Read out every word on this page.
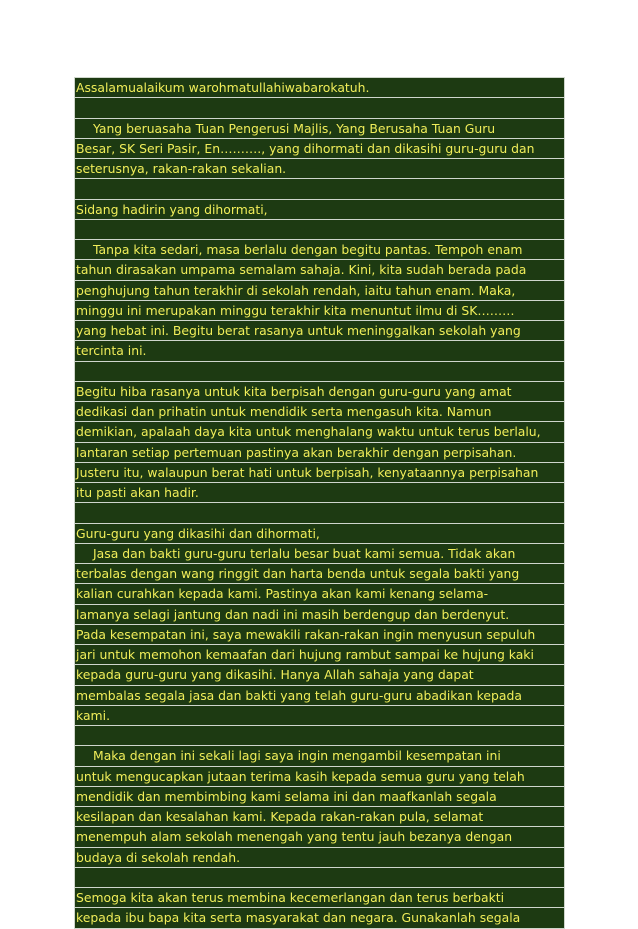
Assalamualaikum warohmatullahiwabarokatuh.
Yang beruasaha Tuan Pengerusi Majlis, Yang Berusaha Tuan Guru
Besar, SK Seri Pasir, En………., yang dihormati dan dikasihi guru-guru dan
seterusnya, rakan-rakan sekalian.
Sidang hadirin yang dihormati,
Tanpa kita sedari, masa berlalu dengan begitu pantas. Tempoh enam
tahun dirasakan umpama semalam sahaja. Kini, kita sudah berada pada
penghujung tahun terakhir di sekolah rendah, iaitu tahun enam. Maka,
minggu ini merupakan minggu terakhir kita menuntut ilmu di SK………
yang hebat ini. Begitu berat rasanya untuk meninggalkan sekolah yang
tercinta ini.
Begitu hiba rasanya untuk kita berpisah dengan guru-guru yang amat
dedikasi dan prihatin untuk mendidik serta mengasuh kita. Namun
demikian, apalaah daya kita untuk menghalang waktu untuk terus berlalu,
lantaran setiap pertemuan pastinya akan berakhir dengan perpisahan.
Justeru itu, walaupun berat hati untuk berpisah, kenyataannya perpisahan
itu pasti akan hadir.
Guru-guru yang dikasihi dan dihormati,
Jasa dan bakti guru-guru terlalu besar buat kami semua. Tidak akan
terbalas dengan wang ringgit dan harta benda untuk segala bakti yang
kalian curahkan kepada kami. Pastinya akan kami kenang selama-
lamanya selagi jantung dan nadi ini masih berdengup dan berdenyut.
Pada kesempatan ini, saya mewakili rakan-rakan ingin menyusun sepuluh
jari untuk memohon kemaafan dari hujung rambut sampai ke hujung kaki
kepada guru-guru yang dikasihi. Hanya Allah sahaja yang dapat
membalas segala jasa dan bakti yang telah guru-guru abadikan kepada
kami.
Maka dengan ini sekali lagi saya ingin mengambil kesempatan ini
untuk mengucapkan jutaan terima kasih kepada semua guru yang telah
mendidik dan membimbing kami selama ini dan maafkanlah segala
kesilapan dan kesalahan kami. Kepada rakan-rakan pula, selamat
menempuh alam sekolah menengah yang tentu jauh bezanya dengan
budaya di sekolah rendah.
Semoga kita akan terus membina kecemerlangan dan terus berbakti
kepada ibu bapa kita serta masyarakat dan negara. Gunakanlah segala
